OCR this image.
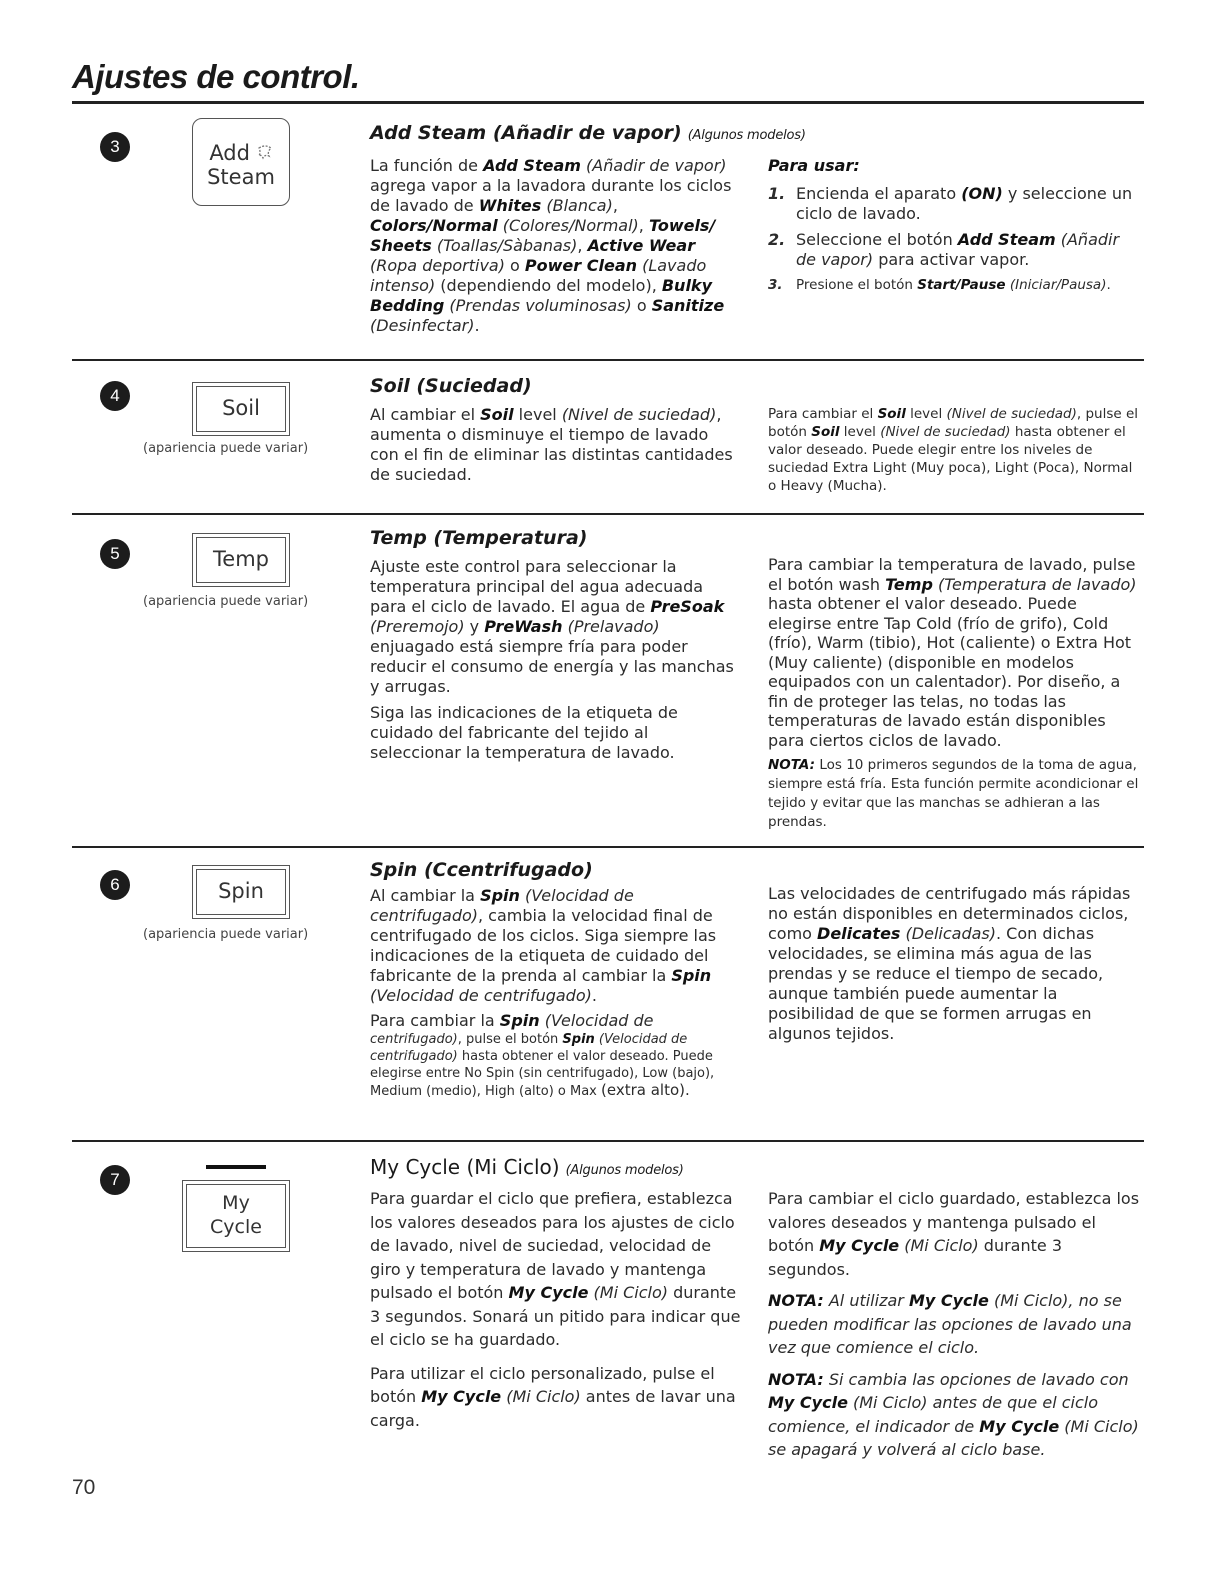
Ajustes de control.
3	Add
Steam
Add Steam (Añadir de vapor) (Algunos modelos)
La función de Add Steam (Añadir de vapor) agrega vapor a la lavadora durante los ciclos de lavado de Whites (Blanca), Colors/Normal (Colores/Normal), Towels/ Sheets (Toallas/Sàbanas), Active Wear (Ropa deportiva) o Power Clean (Lavado intenso) (dependiendo del modelo), Bulky Bedding (Prendas voluminosas) o Sanitize (Desinfectar).

Para usar:

1. Encienda el aparato (ON) y seleccione un ciclo de lavado.
2. Seleccione el botón Add Steam (Añadir de vapor) para activar vapor.
3. Presione el botón Start/Pause (Iniciar/Pausa).
4
Soil
(apariencia puede variar)
Soil (Suciedad)
Al cambiar el Soil level (Nivel de suciedad), aumenta o disminuye el tiempo de lavado con el fin de eliminar las distintas cantidades de suciedad.
Para cambiar el Soil level (Nivel de suciedad), pulse el botón Soil level (Nivel de suciedad) hasta obtener el valor deseado. Puede elegir entre los niveles de suciedad Extra Light (Muy poca), Light (Poca), Normal o Heavy (Mucha).
5	Temp
(apariencia puede variar)
Temp (Temperatura)

Ajuste este control para seleccionar la temperatura principal del agua adecuada para el ciclo de lavado. El agua de PreSoak (Preremojo) y PreWash (Prelavado) enjuagado está siempre fría para poder reducir el consumo de energía y las manchas y arrugas.

Siga las indicaciones de la etiqueta de cuidado del fabricante del tejido al seleccionar la temperatura de lavado.

Para cambiar la temperatura de lavado, pulse el botón wash Temp (Temperatura de lavado) hasta obtener el valor deseado. Puede elegirse entre Tap Cold (frío de grifo), Cold (frío), Warm (tibio), Hot (caliente) o Extra Hot (Muy caliente) (disponible en modelos equipados con un calentador). Por diseño, a fin de proteger las telas, no todas las temperaturas de lavado están disponibles para ciertos ciclos de lavado.

NOTA: Los 10 primeros segundos de la toma de agua, siempre está fría. Esta función permite acondicionar el tejido y evitar que las manchas se adhieran a las prendas.

6	Spin
(apariencia puede variar)
Spin (Ccentrifugado)

Al cambiar la Spin (Velocidad de centrifugado), cambia la velocidad final de centrifugado de los ciclos. Siga siempre las indicaciones de la etiqueta de cuidado del fabricante de la prenda al cambiar la Spin (Velocidad de centrifugado).

Para cambiar la Spin (Velocidad de
centrifugado), pulse el botón Spin (Velocidad de centrifugado) hasta obtener el valor deseado. Puede elegirse entre No Spin (sin centrifugado), Low (bajo), Medium (medio), High (alto) o Max (extra alto).

Las velocidades de centrifugado más rápidas no están disponibles en determinados ciclos, como Delicates (Delicadas). Con dichas velocidades, se elimina más agua de las prendas y se reduce el tiempo de secado, aunque también puede aumentar la posibilidad de que se formen arrugas en algunos tejidos.
7
My
Cycle
My Cycle (Mi Ciclo) (Algunos modelos)

Para guardar el ciclo que prefiera, establezca los valores deseados para los ajustes de ciclo de lavado, nivel de suciedad, velocidad de giro y temperatura de lavado y mantenga pulsado el botón My Cycle (Mi Ciclo) durante 3 segundos. Sonará un pitido para indicar que el ciclo se ha guardado.

Para utilizar el ciclo personalizado, pulse el botón My Cycle (Mi Ciclo) antes de lavar una carga.

Para cambiar el ciclo guardado, establezca los valores deseados y mantenga pulsado el botón My Cycle (Mi Ciclo) durante 3 segundos.

NOTA: Al utilizar My Cycle (Mi Ciclo), no se pueden modificar las opciones de lavado una vez que comience el ciclo.

NOTA: Si cambia las opciones de lavado con My Cycle (Mi Ciclo) antes de que el ciclo comience, el indicador de My Cycle (Mi Ciclo) se apagará y volverá al ciclo base.

70
